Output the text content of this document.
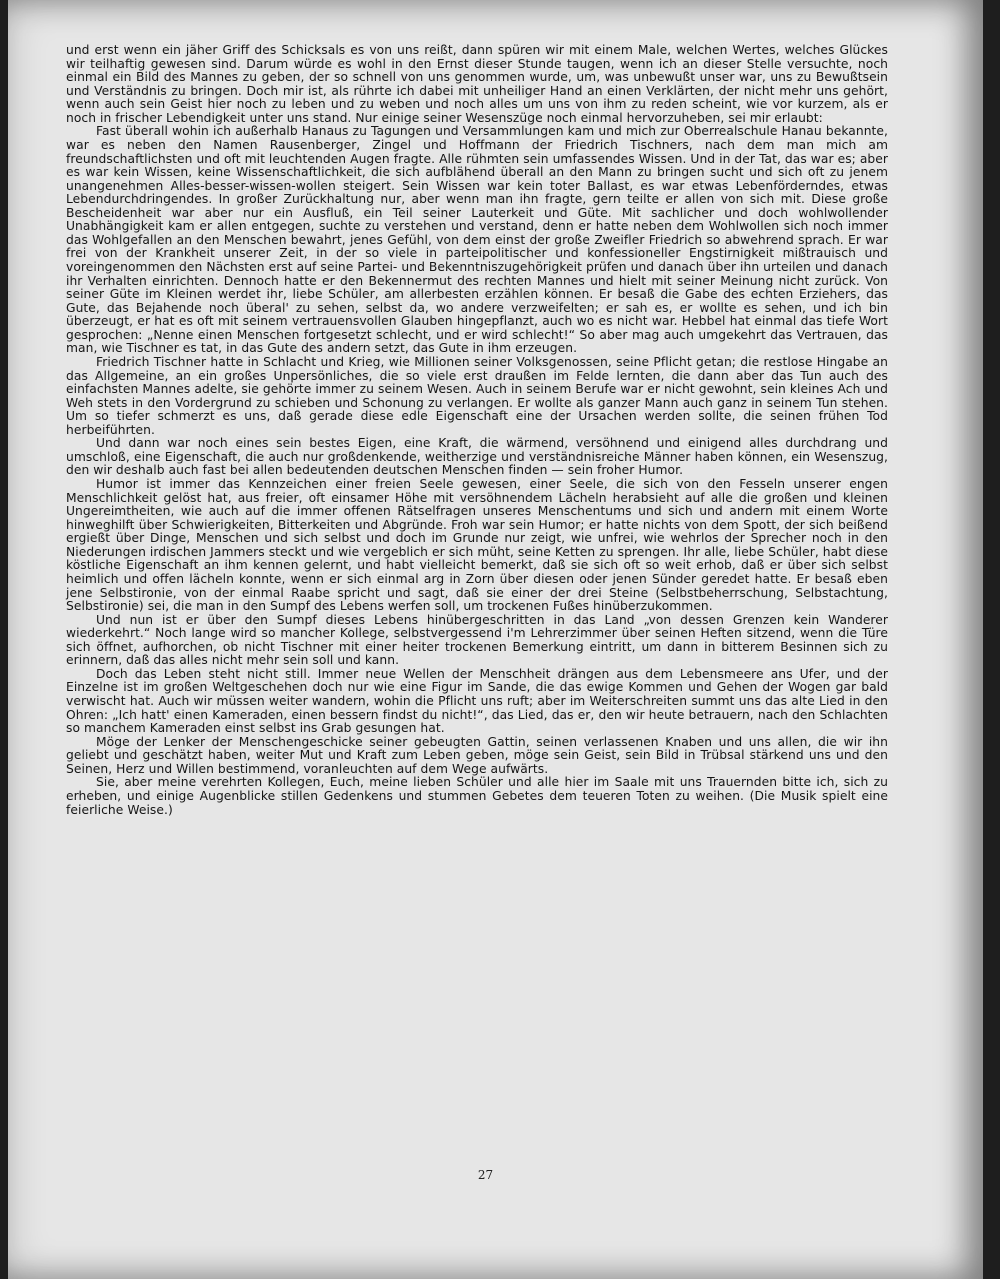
und erst wenn ein jäher Griff des Schicksals es von uns reißt, dann spüren wir mit einem Male, welchen Wertes, welches Glückes wir teilhaftig gewesen sind. Darum würde es wohl in den Ernst dieser Stunde taugen, wenn ich an dieser Stelle versuchte, noch einmal ein Bild des Mannes zu geben, der so schnell von uns genommen wurde, um, was unbewußt unser war, uns zu Bewußtsein und Verständnis zu bringen. Doch mir ist, als rührte ich dabei mit unheiliger Hand an einen Verklärten, der nicht mehr uns gehört, wenn auch sein Geist hier noch zu leben und zu weben und noch alles um uns von ihm zu reden scheint, wie vor kurzem, als er noch in frischer Lebendigkeit unter uns stand. Nur einige seiner Wesenszüge noch einmal hervorzuheben, sei mir erlaubt:

Fast überall wohin ich außerhalb Hanaus zu Tagungen und Versammlungen kam und mich zur Oberrealschule Hanau bekannte, war es neben den Namen Rausenberger, Zingel und Hoffmann der Friedrich Tischners, nach dem man mich am freundschaftlichsten und oft mit leuchtenden Augen fragte. Alle rühmten sein umfassendes Wissen. Und in der Tat, das war es; aber es war kein Wissen, keine Wissenschaftlichkeit, die sich aufblähend überall an den Mann zu bringen sucht und sich oft zu jenem unangenehmen Alles-besser-wissen-wollen steigert. Sein Wissen war kein toter Ballast, es war etwas Lebenförderndes, etwas Lebendurchdringendes. In großer Zurückhaltung nur, aber wenn man ihn fragte, gern teilte er allen von sich mit. Diese große Bescheidenheit war aber nur ein Ausfluß, ein Teil seiner Lauterkeit und Güte. Mit sachlicher und doch wohlwollender Unabhängigkeit kam er allen entgegen, suchte zu verstehen und verstand, denn er hatte neben dem Wohlwollen sich noch immer das Wohlgefallen an den Menschen bewahrt, jenes Gefühl, von dem einst der große Zweifler Friedrich so abwehrend sprach. Er war frei von der Krankheit unserer Zeit, in der so viele in parteipolitischer und konfessioneller Engstirnigkeit mißtrauisch und voreingenommen den Nächsten erst auf seine Partei- und Bekenntniszugehörigkeit prüfen und danach über ihn urteilen und danach ihr Verhalten einrichten. Dennoch hatte er den Bekennermut des rechten Mannes und hielt mit seiner Meinung nicht zurück. Von seiner Güte im Kleinen werdet ihr, liebe Schüler, am allerbesten erzählen können. Er besaß die Gabe des echten Erziehers, das Gute, das Bejahende noch überal' zu sehen, selbst da, wo andere verzweifelten; er sah es, er wollte es sehen, und ich bin überzeugt, er hat es oft mit seinem vertrauensvollen Glauben hingepflanzt, auch wo es nicht war. Hebbel hat einmal das tiefe Wort gesprochen: „Nenne einen Menschen fortgesetzt schlecht, und er wird schlecht!“ So aber mag auch umgekehrt das Vertrauen, das man, wie Tischner es tat, in das Gute des andern setzt, das Gute in ihm erzeugen.

Friedrich Tischner hatte in Schlacht und Krieg, wie Millionen seiner Volksgenossen, seine Pflicht getan; die restlose Hingabe an das Allgemeine, an ein großes Unpersönliches, die so viele erst draußen im Felde lernten, die dann aber das Tun auch des einfachsten Mannes adelte, sie gehörte immer zu seinem Wesen. Auch in seinem Berufe war er nicht gewohnt, sein kleines Ach und Weh stets in den Vordergrund zu schieben und Schonung zu verlangen. Er wollte als ganzer Mann auch ganz in seinem Tun stehen. Um so tiefer schmerzt es uns, daß gerade diese edle Eigenschaft eine der Ursachen werden sollte, die seinen frühen Tod herbeiführten.

Und dann war noch eines sein bestes Eigen, eine Kraft, die wärmend, versöhnend und einigend alles durchdrang und umschloß, eine Eigenschaft, die auch nur großdenkende, weitherzige und verständnisreiche Männer haben können, ein Wesenszug, den wir deshalb auch fast bei allen bedeutenden deutschen Menschen finden — sein froher Humor.

Humor ist immer das Kennzeichen einer freien Seele gewesen, einer Seele, die sich von den Fesseln unserer engen Menschlichkeit gelöst hat, aus freier, oft einsamer Höhe mit versöhnendem Lächeln herabsieht auf alle die großen und kleinen Ungereimtheiten, wie auch auf die immer offenen Rätselfragen unseres Menschentums und sich und andern mit einem Worte hinweghilft über Schwierigkeiten, Bitterkeiten und Abgründe. Froh war sein Humor; er hatte nichts von dem Spott, der sich beißend ergießt über Dinge, Menschen und sich selbst und doch im Grunde nur zeigt, wie unfrei, wie wehrlos der Sprecher noch in den Niederungen irdischen Jammers steckt und wie vergeblich er sich müht, seine Ketten zu sprengen. Ihr alle, liebe Schüler, habt diese köstliche Eigenschaft an ihm kennen gelernt, und habt vielleicht bemerkt, daß sie sich oft so weit erhob, daß er über sich selbst heimlich und offen lächeln konnte, wenn er sich einmal arg in Zorn über diesen oder jenen Sünder geredet hatte. Er besaß eben jene Selbstironie, von der einmal Raabe spricht und sagt, daß sie einer der drei Steine (Selbstbeherrschung, Selbstachtung, Selbstironie) sei, die man in den Sumpf des Lebens werfen soll, um trockenen Fußes hinüberzukommen.

Und nun ist er über den Sumpf dieses Lebens hinübergeschritten in das Land „von dessen Grenzen kein Wanderer wiederkehrt.“ Noch lange wird so mancher Kollege, selbstvergessend i'm Lehrerzimmer über seinen Heften sitzend, wenn die Türe sich öffnet, aufhorchen, ob nicht Tischner mit einer heiter trockenen Bemerkung eintritt, um dann in bitterem Besinnen sich zu erinnern, daß das alles nicht mehr sein soll und kann.

Doch das Leben steht nicht still. Immer neue Wellen der Menschheit drängen aus dem Lebensmeere ans Ufer, und der Einzelne ist im großen Weltgeschehen doch nur wie eine Figur im Sande, die das ewige Kommen und Gehen der Wogen gar bald verwischt hat. Auch wir müssen weiter wandern, wohin die Pflicht uns ruft; aber im Weiterschreiten summt uns das alte Lied in den Ohren: „Ich hatt' einen Kameraden, einen bessern findst du nicht!“, das Lied, das er, den wir heute betrauern, nach den Schlachten so manchem Kameraden einst selbst ins Grab gesungen hat.

Möge der Lenker der Menschengeschicke seiner gebeugten Gattin, seinen verlassenen Knaben und uns allen, die wir ihn geliebt und geschätzt haben, weiter Mut und Kraft zum Leben geben, möge sein Geist, sein Bild in Trübsal stärkend uns und den Seinen, Herz und Willen bestimmend, voranleuchten auf dem Wege aufwärts.

Sie, aber meine verehrten Kollegen, Euch, meine lieben Schüler und alle hier im Saale mit uns Trauernden bitte ich, sich zu erheben, und einige Augenblicke stillen Gedenkens und stummen Gebetes dem teueren Toten zu weihen. (Die Musik spielt eine feierliche Weise.)

27
